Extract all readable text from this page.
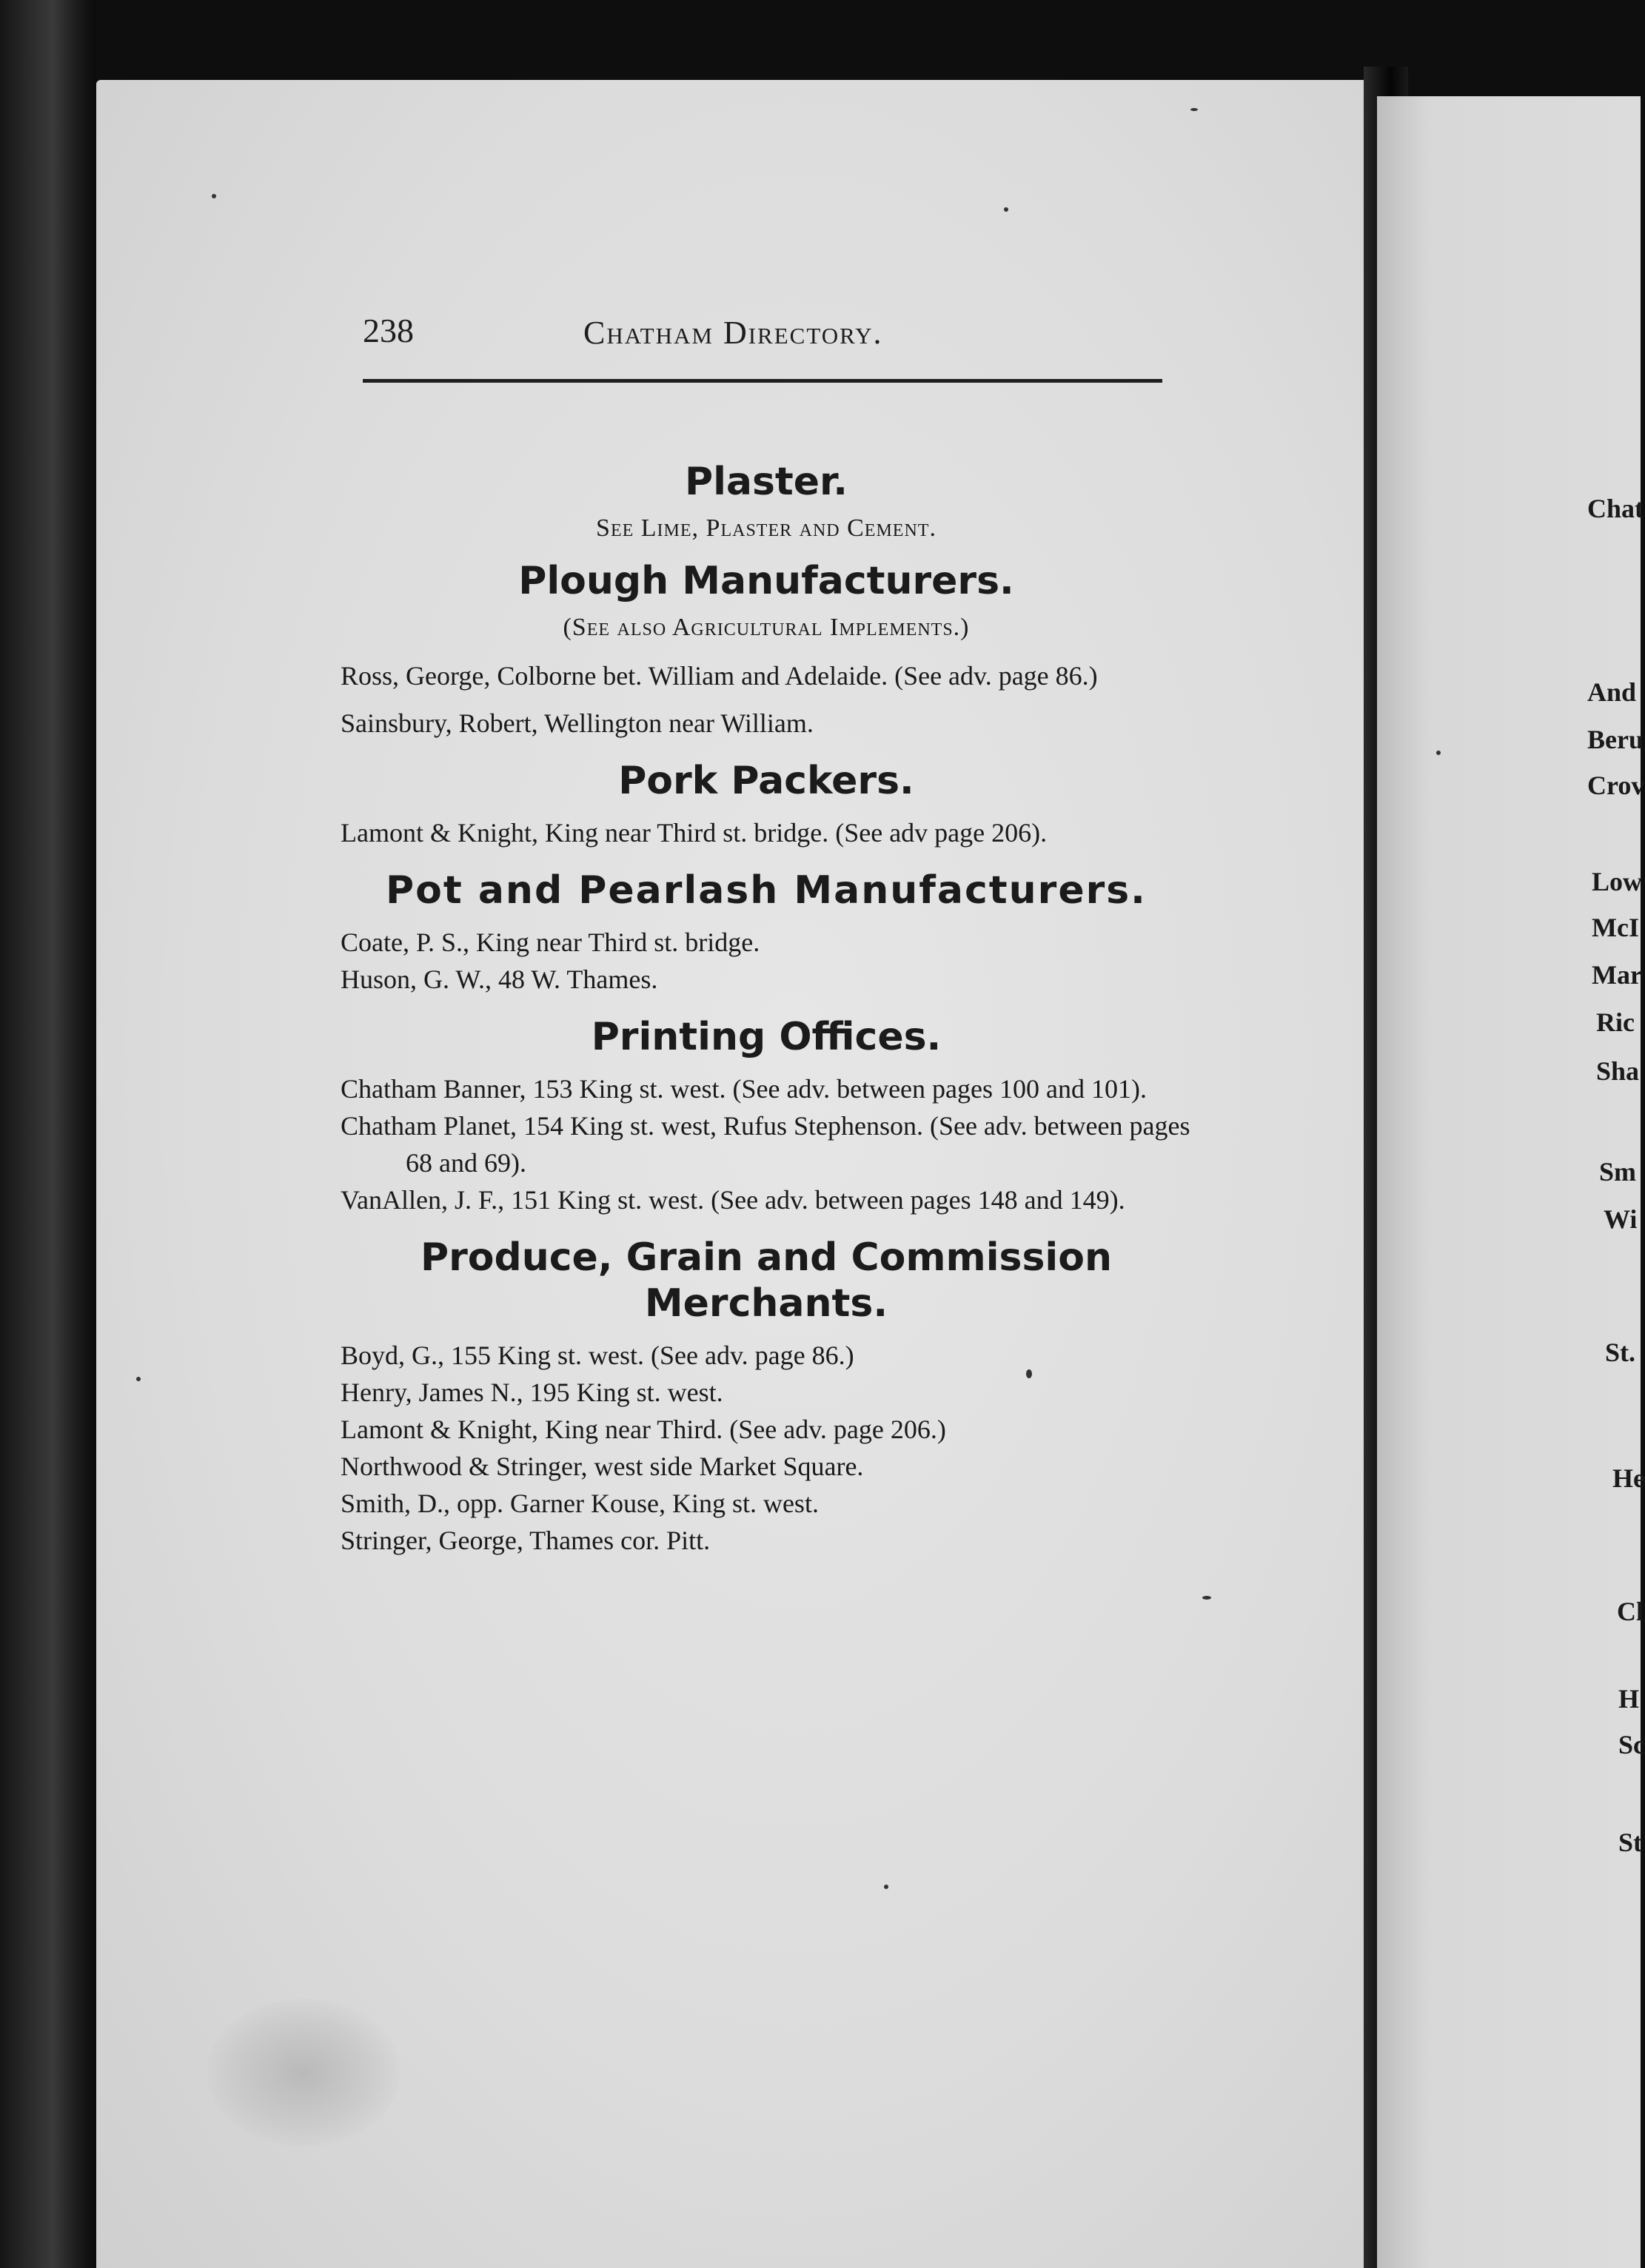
238	Chatham Directory.
Plaster.
See Lime, Plaster and Cement.
Plough Manufacturers.
(See also Agricultural Implements.)

Ross, George, Colborne bet. William and Adelaide. (See adv. page 86.)

Sainsbury, Robert, Wellington near William.

Pork Packers.

Lamont & Knight, King near Third st. bridge. (See adv page 206).

Pot and Pearlash Manufacturers.

Coate, P. S., King near Third st. bridge.

Huson, G. W., 48 W. Thames.

Printing Offices.

Chatham Banner, 153 King st. west. (See adv. between pages 100 and 101).

Chatham Planet, 154 King st. west, Rufus Stephenson. (See adv. between pages 68 and 69).

VanAllen, J. F., 151 King st. west. (See adv. between pages 148 and 149).

Produce, Grain and Commission
Merchants.

Boyd, G., 155 King st. west. (See adv. page 86.)

Henry, James N., 195 King st. west.

Lamont & Knight, King near Third. (See adv. page 206.)

Northwood & Stringer, west side Market Square.

Smith, D., opp. Garner Kouse, King st. west.

Stringer, George, Thames cor. Pitt.

Chat
And
Beru
Crov
Low
McI
Mar
Ric
Sha
Sm
Wi
St.
He
Cl
H
Sc
St
